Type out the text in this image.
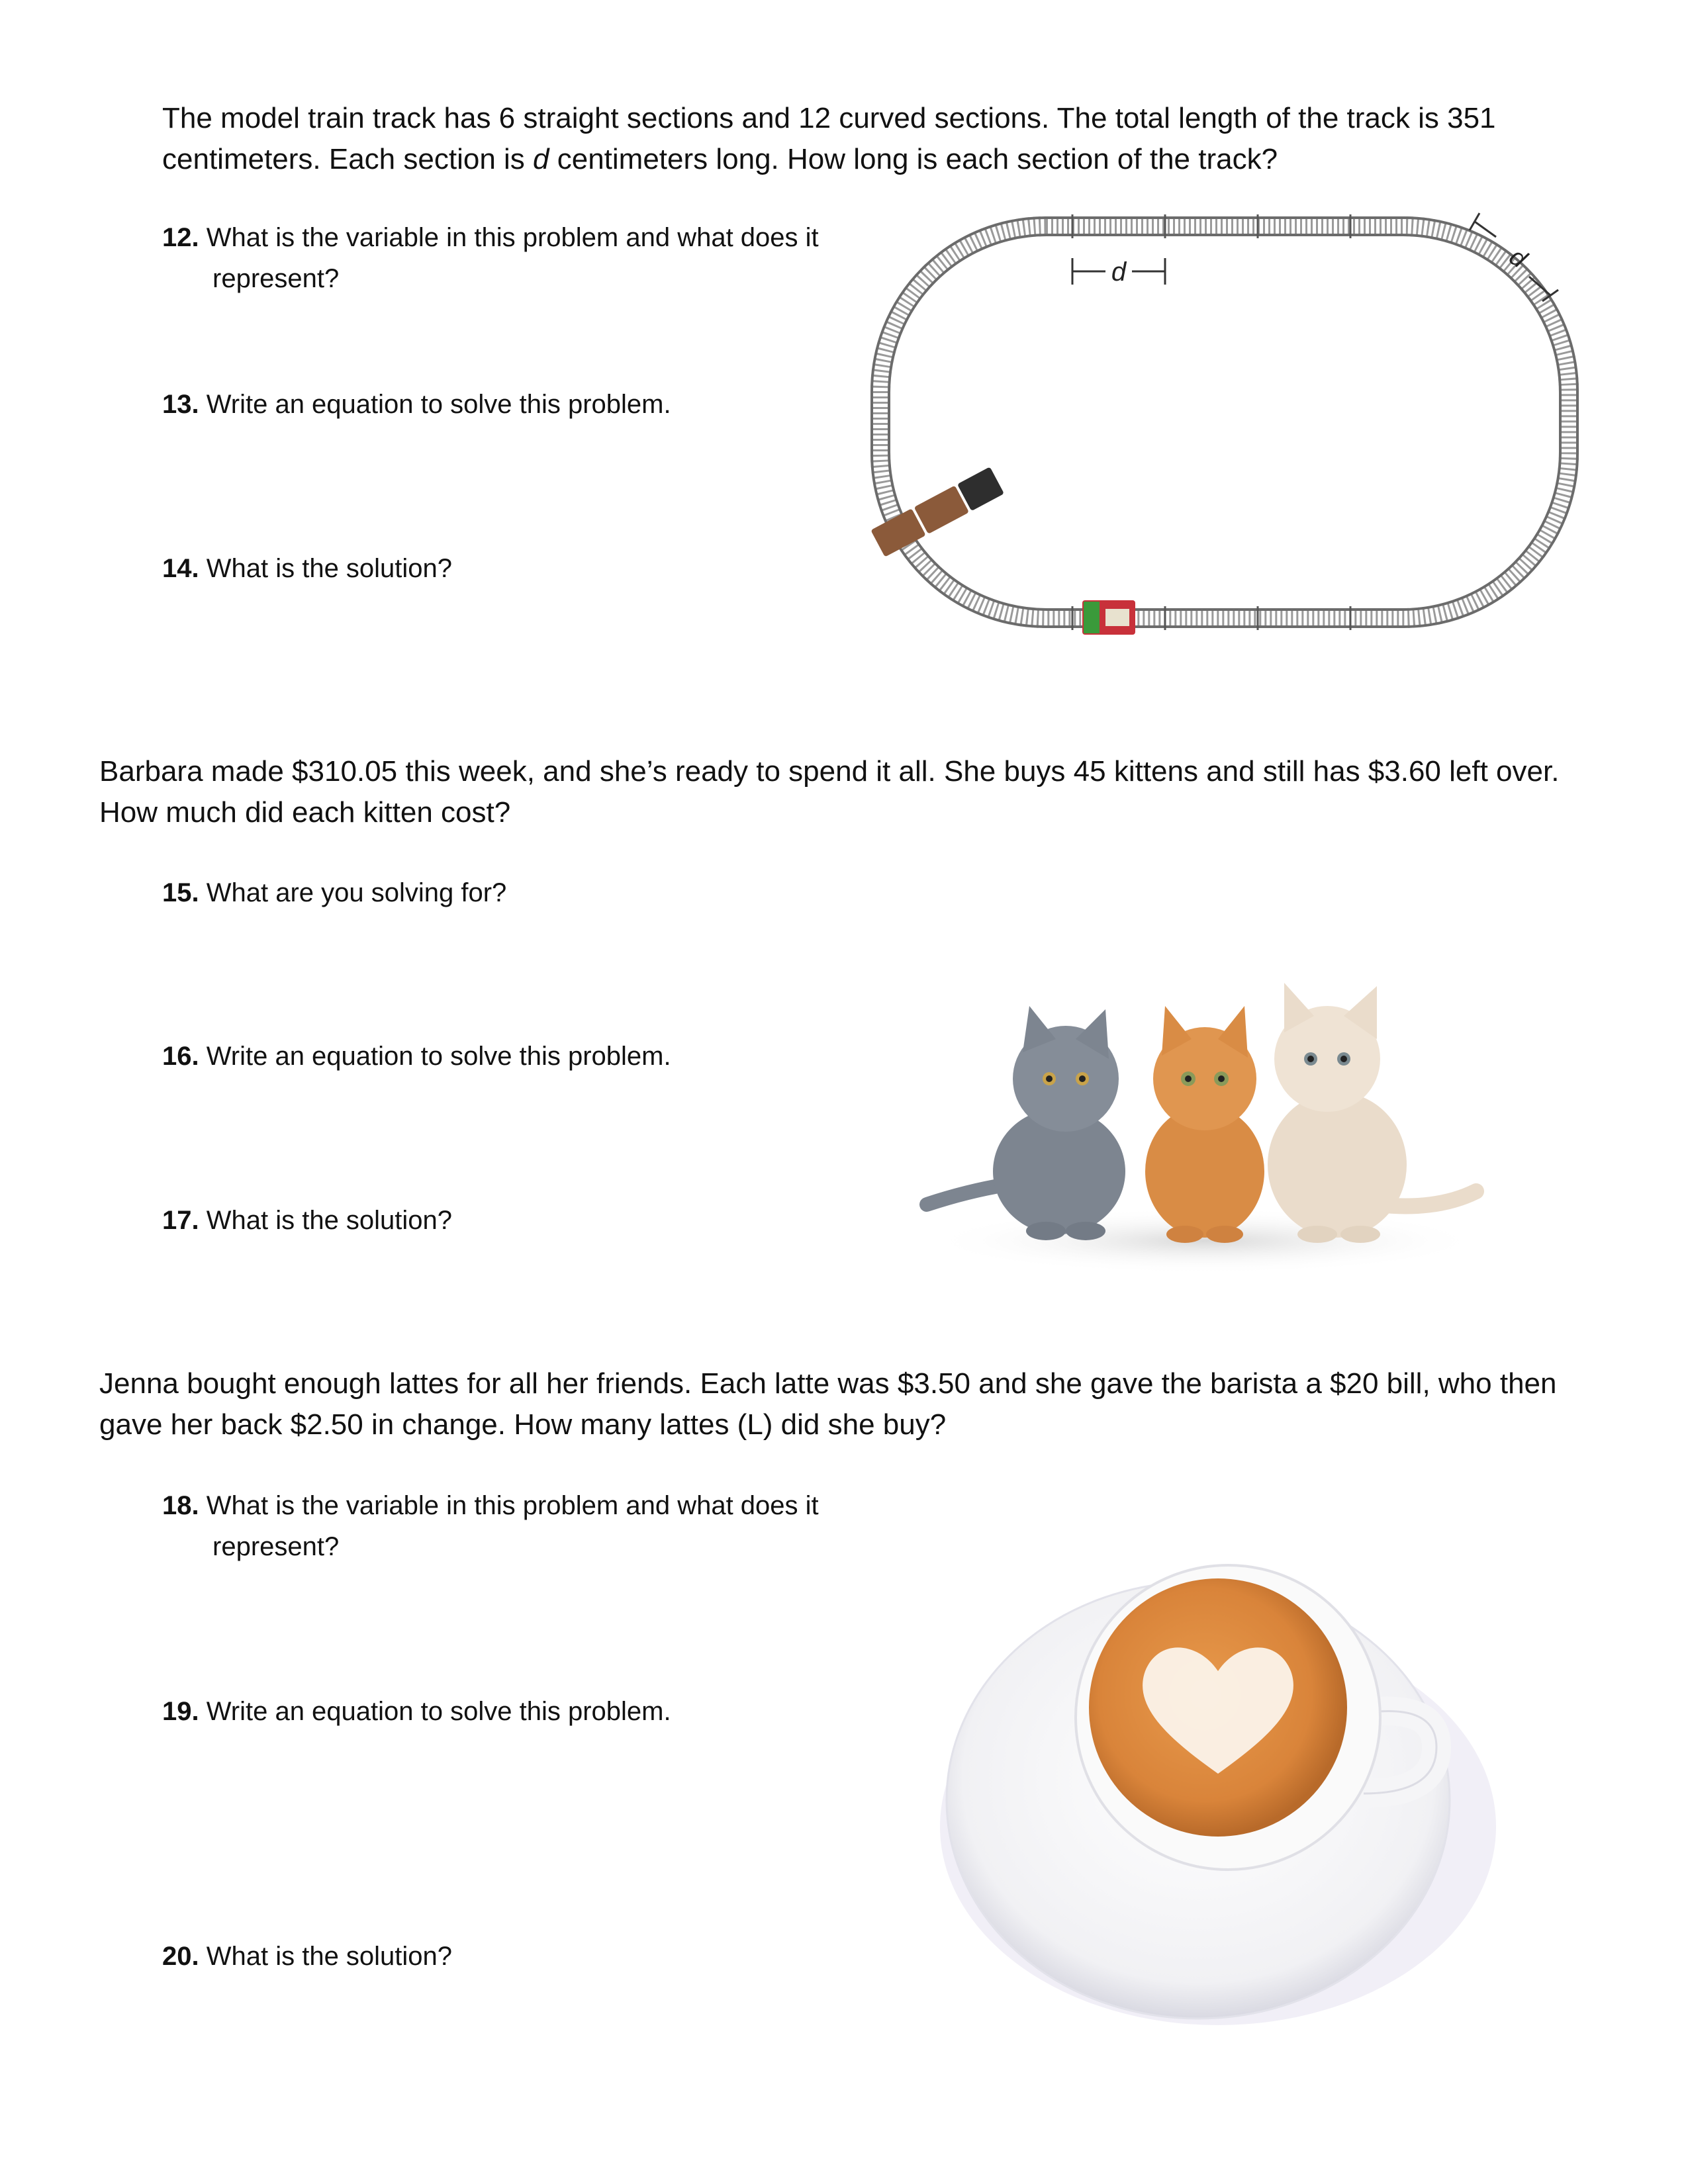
The model train track has 6 straight sections and 12 curved sections. The total length of the track is 351 centimeters. Each section is d centimeters long. How long is each section of the track?

12. What is the variable in this problem and what does it
represent?
13. Write an equation to solve this problem.
14. What is the solution?
d	d

Barbara made $310.05 this week, and she’s ready to spend it all. She buys 45 kittens and still has $3.60 left over. How much did each kitten cost?

15. What are you solving for?
16. Write an equation to solve this problem.
17. What is the solution?

Jenna bought enough lattes for all her friends. Each latte was $3.50 and she gave the barista a $20 bill, who then gave her back $2.50 in change. How many lattes (L) did she buy?

18. What is the variable in this problem and what does it
represent?
19. Write an equation to solve this problem.
20. What is the solution?
